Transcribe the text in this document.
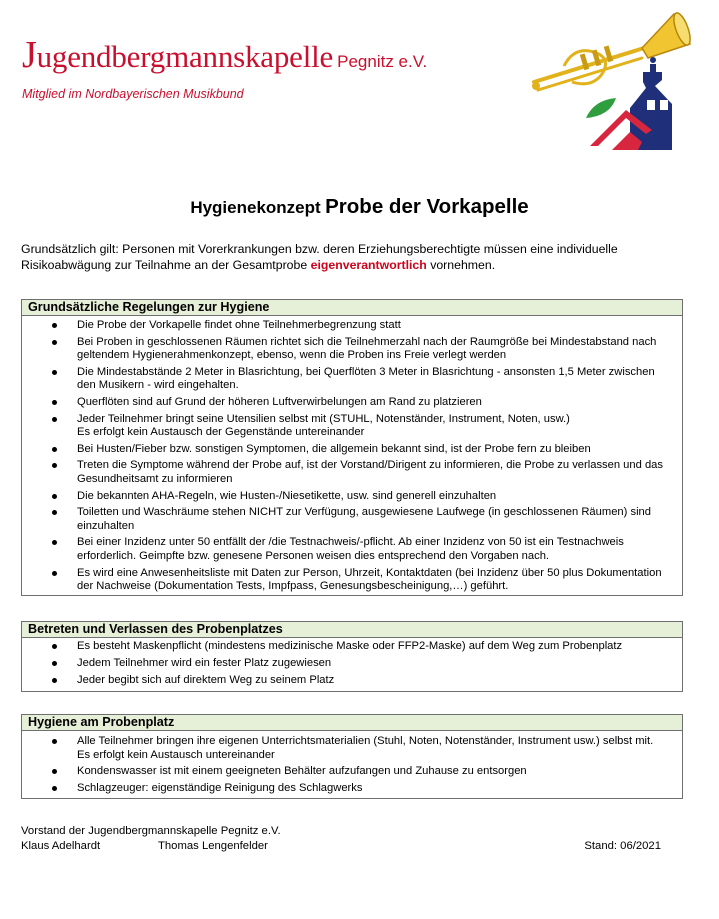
Jugendbergmannskapelle Pegnitz e.V.
Mitglied im Nordbayerischen Musikbund
Hygienekonzept Probe der Vorkapelle
Grundsätzlich gilt: Personen mit Vorerkrankungen bzw. deren Erziehungsberechtigte müssen eine individuelle Risikoabwägung zur Teilnahme an der Gesamtprobe eigenverantwortlich vornehmen.
Grundsätzliche Regelungen zur Hygiene
Die Probe der Vorkapelle findet ohne Teilnehmerbegrenzung statt
Bei Proben in geschlossenen Räumen richtet sich die Teilnehmerzahl nach der Raumgröße bei Mindestabstand nach geltendem Hygienerahmenkonzept, ebenso, wenn die Proben ins Freie verlegt werden
Die Mindestabstände 2 Meter in Blasrichtung, bei Querflöten 3 Meter in Blasrichtung - ansonsten 1,5 Meter zwischen den Musikern - wird eingehalten.
Querflöten sind auf Grund der höheren Luftverwirbelungen am Rand zu platzieren
Jeder Teilnehmer bringt seine Utensilien selbst mit (STUHL, Notenständer, Instrument, Noten, usw.)
Es erfolgt kein Austausch der Gegenstände untereinander
Bei Husten/Fieber bzw. sonstigen Symptomen, die allgemein bekannt sind, ist der Probe fern zu bleiben
Treten die Symptome während der Probe auf, ist der Vorstand/Dirigent zu informieren, die Probe zu verlassen und das Gesundheitsamt zu informieren
Die bekannten AHA-Regeln, wie Husten-/Niesetikette, usw. sind generell einzuhalten
Toiletten und Waschräume stehen NICHT zur Verfügung, ausgewiesene Laufwege (in geschlossenen Räumen) sind einzuhalten
Bei einer Inzidenz unter 50 entfällt der /die Testnachweis/-pflicht. Ab einer Inzidenz von 50 ist ein Testnachweis erforderlich. Geimpfte bzw. genesene Personen weisen dies entsprechend den Vorgaben nach.
Es wird eine Anwesenheitsliste mit Daten zur Person, Uhrzeit, Kontaktdaten (bei Inzidenz über 50 plus Dokumentation der Nachweise (Dokumentation Tests, Impfpass, Genesungsbescheinigung,…) geführt.
Betreten und Verlassen des Probenplatzes
Es besteht Maskenpflicht (mindestens medizinische Maske oder FFP2-Maske) auf dem Weg zum Probenplatz
Jedem Teilnehmer wird ein fester Platz zugewiesen
Jeder begibt sich auf direktem Weg zu seinem Platz
Hygiene am Probenplatz
Alle Teilnehmer bringen ihre eigenen Unterrichtsmaterialien (Stuhl, Noten, Notenständer, Instrument usw.) selbst mit.
Es erfolgt kein Austausch untereinander
Kondenswasser ist mit einem geeigneten Behälter aufzufangen und Zuhause zu entsorgen
Schlagzeuger: eigenständige Reinigung des Schlagwerks
Vorstand der Jugendbergmannskapelle Pegnitz e.V.
Klaus Adelhardt	Thomas Lengenfelder	Stand: 06/2021
